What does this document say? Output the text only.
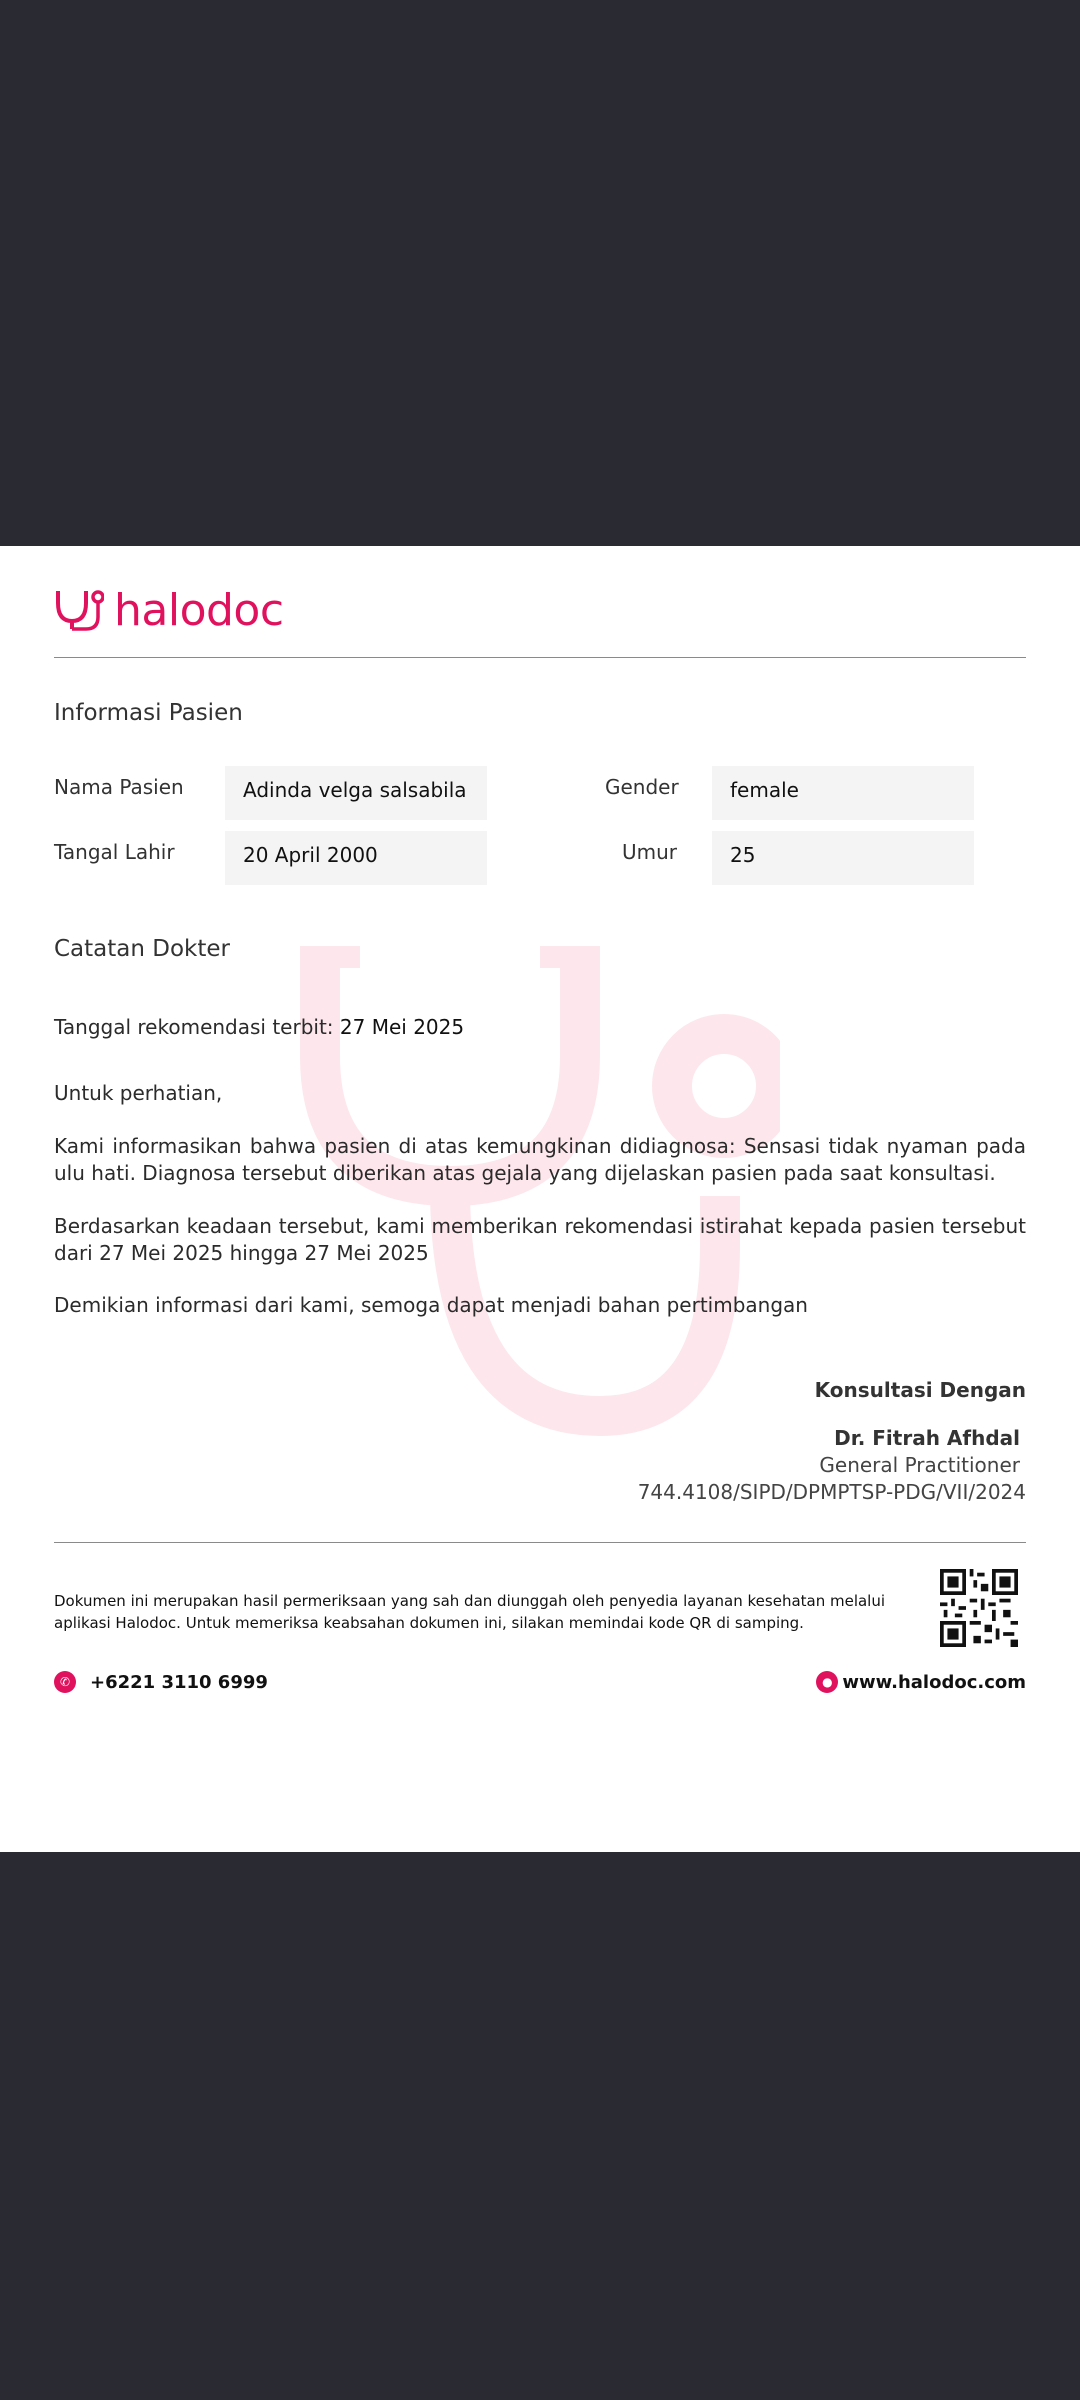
halodoc
Informasi Pasien
Nama Pasien	Adinda velga salsabila	Gender	female
Tangal Lahir	20 April 2000	Umur	25
Catatan Dokter
Tanggal rekomendasi terbit: 27 Mei 2025
Untuk perhatian,
Kami informasikan bahwa pasien di atas kemungkinan didiagnosa: Sensasi tidak nyaman pada ulu hati. Diagnosa tersebut diberikan atas gejala yang dijelaskan pasien pada saat konsultasi.
Berdasarkan keadaan tersebut, kami memberikan rekomendasi istirahat kepada pasien tersebut dari 27 Mei 2025 hingga 27 Mei 2025
Demikian informasi dari kami, semoga dapat menjadi bahan pertimbangan
Konsultasi Dengan
Dr. Fitrah Afhdal
General Practitioner
744.4108/SIPD/DPMPTSP-PDG/VII/2024
Dokumen ini merupakan hasil permeriksaan yang sah dan diunggah oleh penyedia layanan kesehatan melalui aplikasi Halodoc. Untuk memeriksa keabsahan dokumen ini, silakan memindai kode QR di samping.
✆	+6221 3110 6999	● www.halodoc.com
